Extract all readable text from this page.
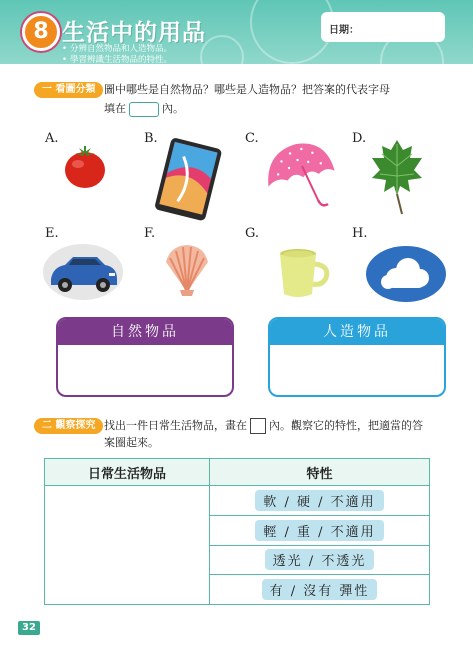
8 生活中的用品
• 分辨自然物品和人造物品。
• 學習辨識生活物品的特性。
日期：
一 看圖分類 圖中哪些是自然物品？哪些是人造物品？把答案的代表字母
填在	內。
A.	B.	C.	D.
E.	F.	G.	H.
自然物品	人造物品
二 觀察探究 找出一件日常生活物品，畫在 內。觀察它的特性，把適當的答
案圈起來。
日常生活物品	特性
	軟 / 硬 / 不適用
	輕 / 重 / 不適用
	透光 / 不透光
	有 / 沒有 彈性
32
